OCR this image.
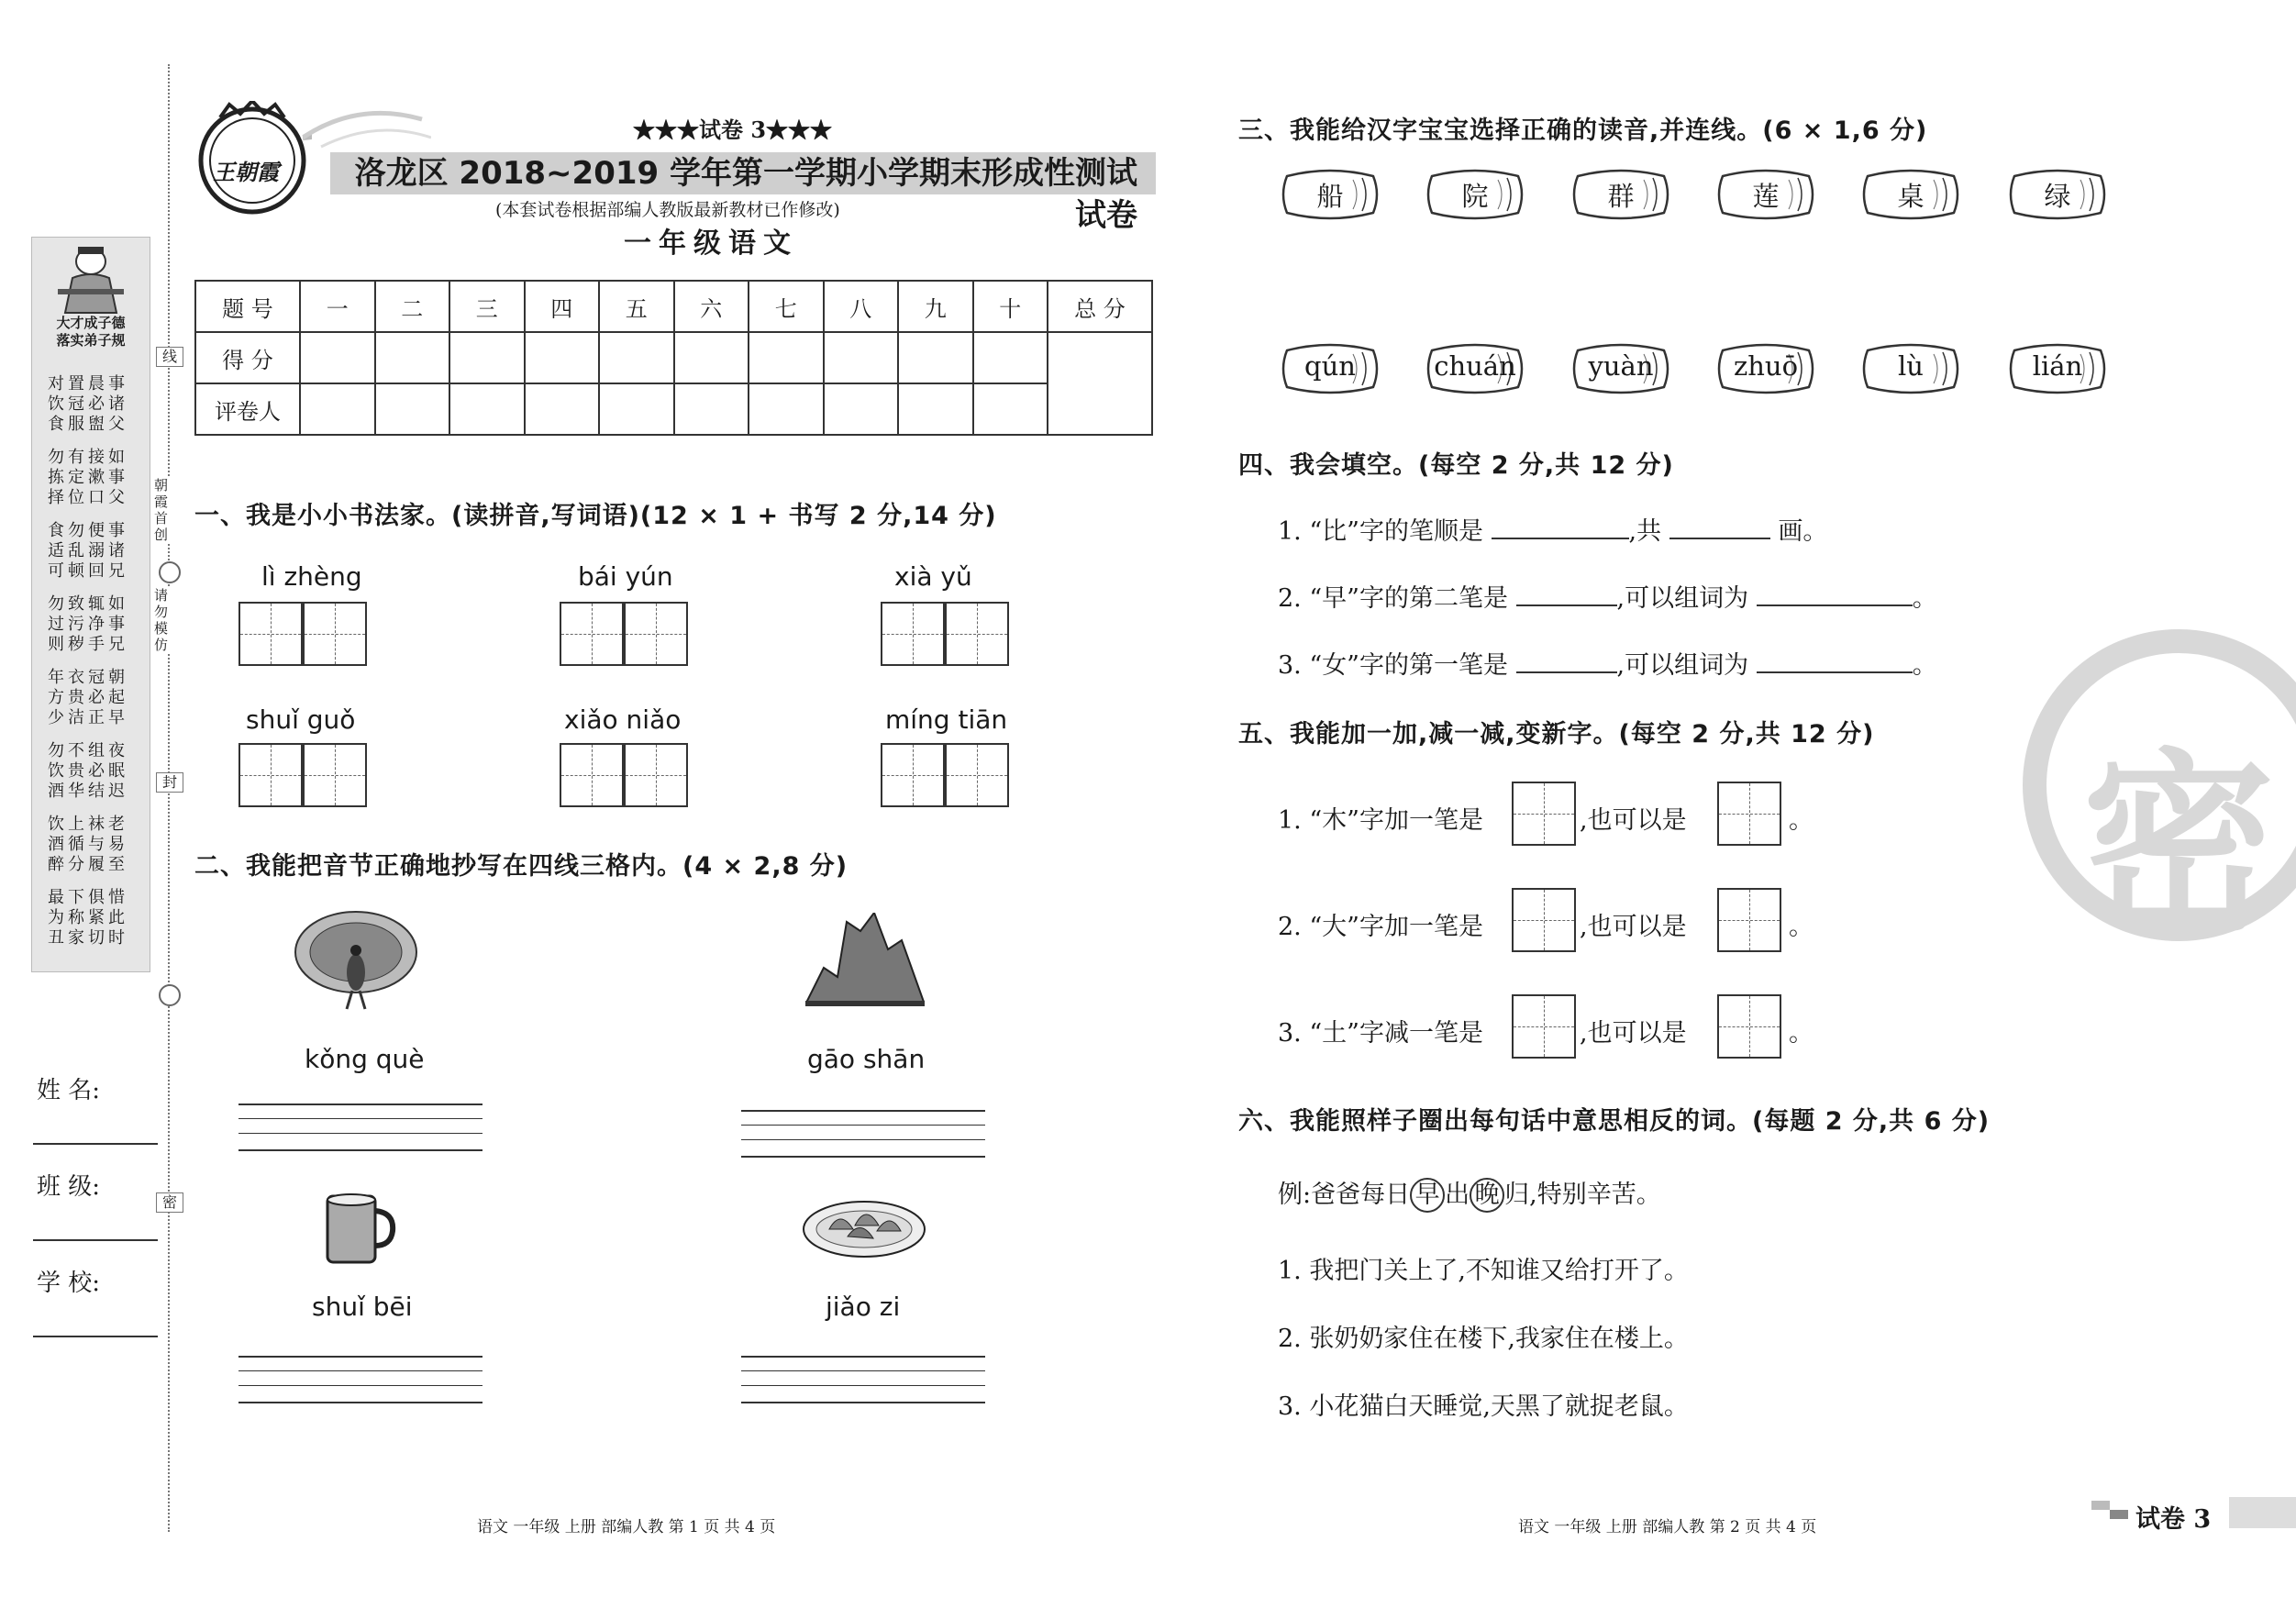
大才成子德
落实弟子规
对置晨事
饮冠必诸
食服盥父
勿有接如
拣定漱事
择位口父
食勿便事
适乱溺诸
可顿回兄
勿致辄如
过污净事
则秽手兄
年衣冠朝
方贵必起
少洁正早
勿不组夜
饮贵必眠
酒华结迟
饮上袜老
酒循与易
醉分履至
最下俱惜
为称紧此
丑家切时
线
朝霞首创
请勿模仿
封
密
姓 名:
班 级:
学 校:
王朝霞
★★★试卷 3★★★
洛龙区 2018~2019 学年第一学期小学期末形成性测试试卷
(本套试卷根据部编人教版最新教材已作修改)
一年级语文
题 号	一	二	三	四	五	六	七	八	九	十	总 分
得 分											
评卷人											
一、我是小小书法家。(读拼音,写词语)(12 × 1 + 书写 2 分,14 分)
lì zhèng	bái yún	xià yǔ
shuǐ guǒ	xiǎo niǎo	míng tiān
二、我能把音节正确地抄写在四线三格内。(4 × 2,8 分)
kǒng què	gāo shān
shuǐ bēi	jiǎo zi
语文 一年级 上册 部编人教 第 1 页 共 4 页
三、我能给汉字宝宝选择正确的读音,并连线。(6 × 1,6 分)
船	院	群	莲	桌	绿
qún	chuán	yuàn	zhuō	lù	lián
四、我会填空。(每空 2 分,共 12 分)
1. “比”字的笔顺是	,共	画。
2. “早”字的第二笔是	,可以组词为	。
3. “女”字的第一笔是	,可以组词为	。
五、我能加一加,减一减,变新字。(每空 2 分,共 12 分)
1. “木”字加一笔是	,也可以是	。
2. “大”字加一笔是	,也可以是	。
3. “土”字减一笔是	,也可以是	。
六、我能照样子圈出每句话中意思相反的词。(每题 2 分,共 6 分)
例:爸爸每日 早 出 晚 归,特别辛苦。
1. 我把门关上了,不知谁又给打开了。
2. 张奶奶家住在楼下,我家住在楼上。
3. 小花猫白天睡觉,天黑了就捉老鼠。
密
语文 一年级 上册 部编人教 第 2 页 共 4 页	试卷 3
